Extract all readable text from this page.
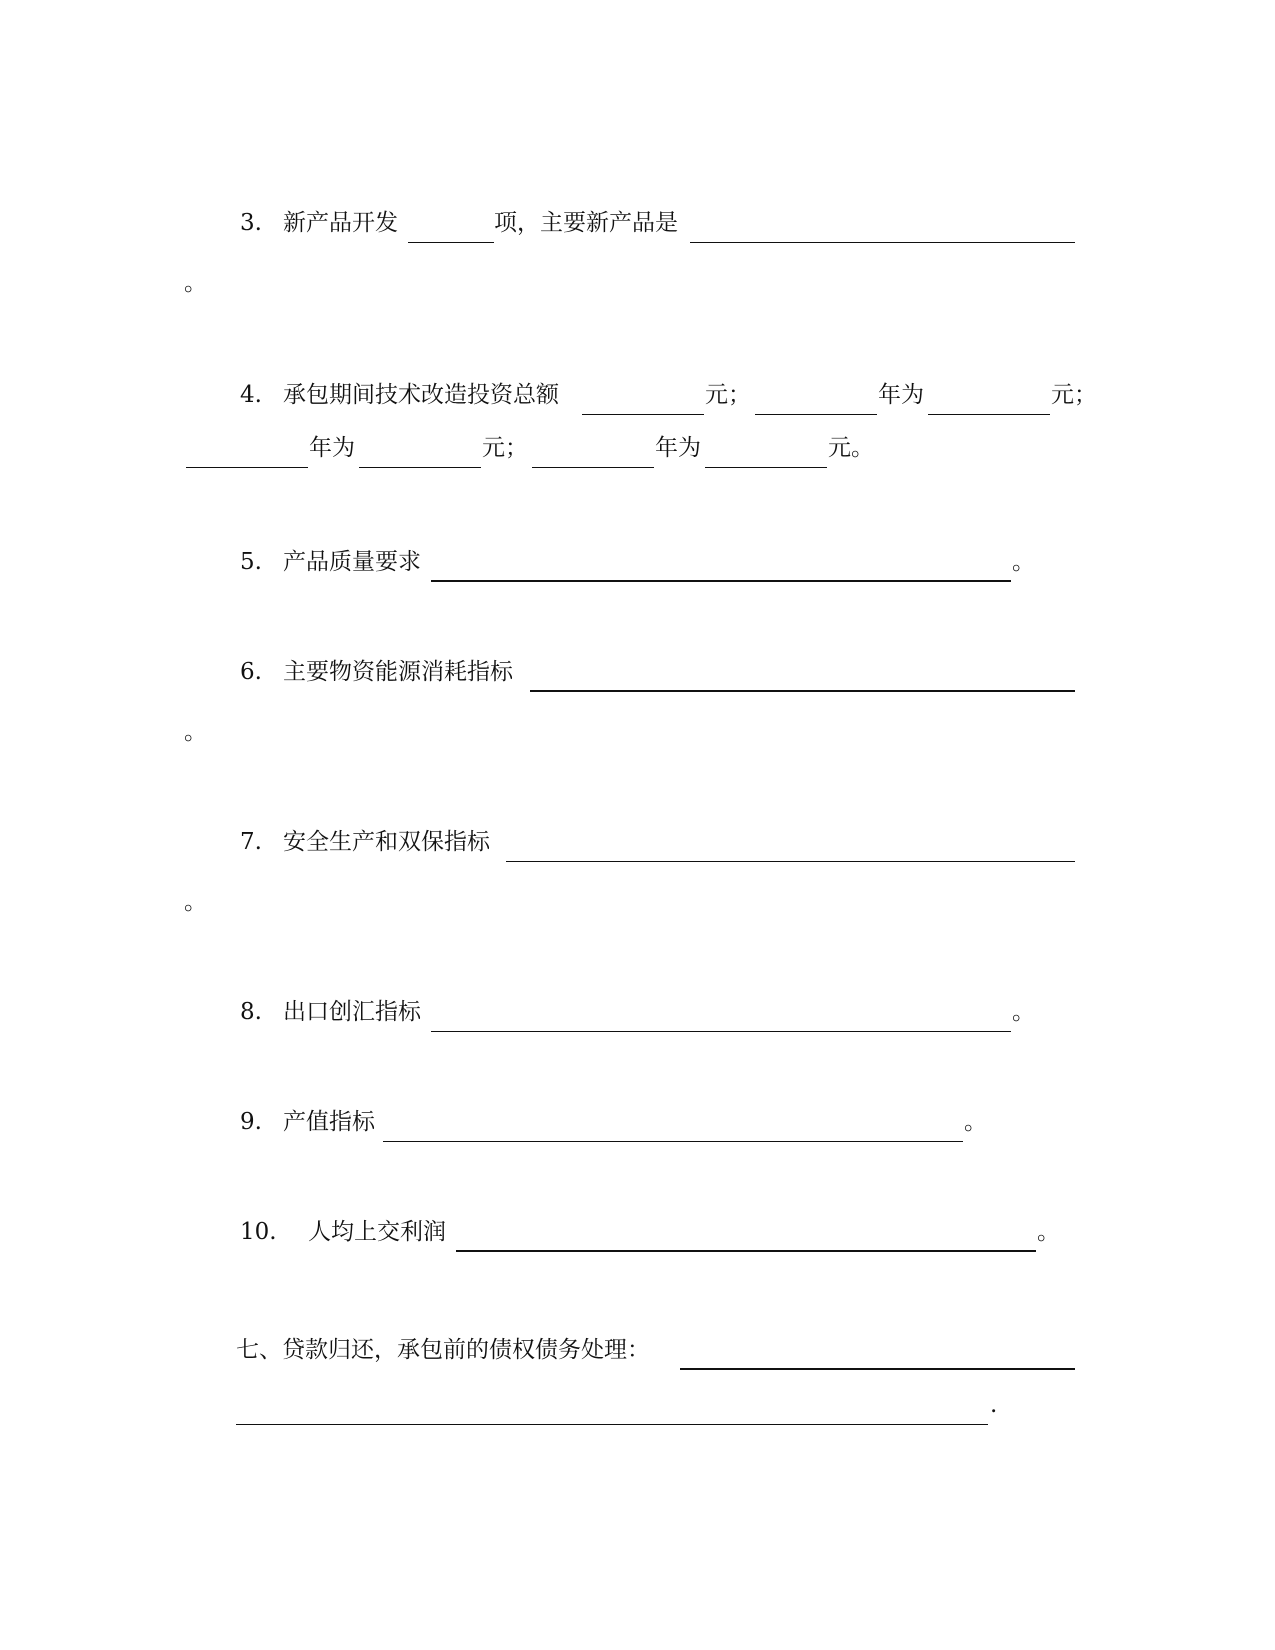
3. 新产品开发	项，主要新产品是
。
4. 承包期间技术改造投资总额	元；	年为	元；
年为	元；	年为	元。
5. 产品质量要求	。
6. 主要物资能源消耗指标
。
7. 安全生产和双保指标
。
8. 出口创汇指标	。
9. 产值指标	。
10. 人均上交利润	。
七、贷款归还，承包前的债权债务处理：
.
